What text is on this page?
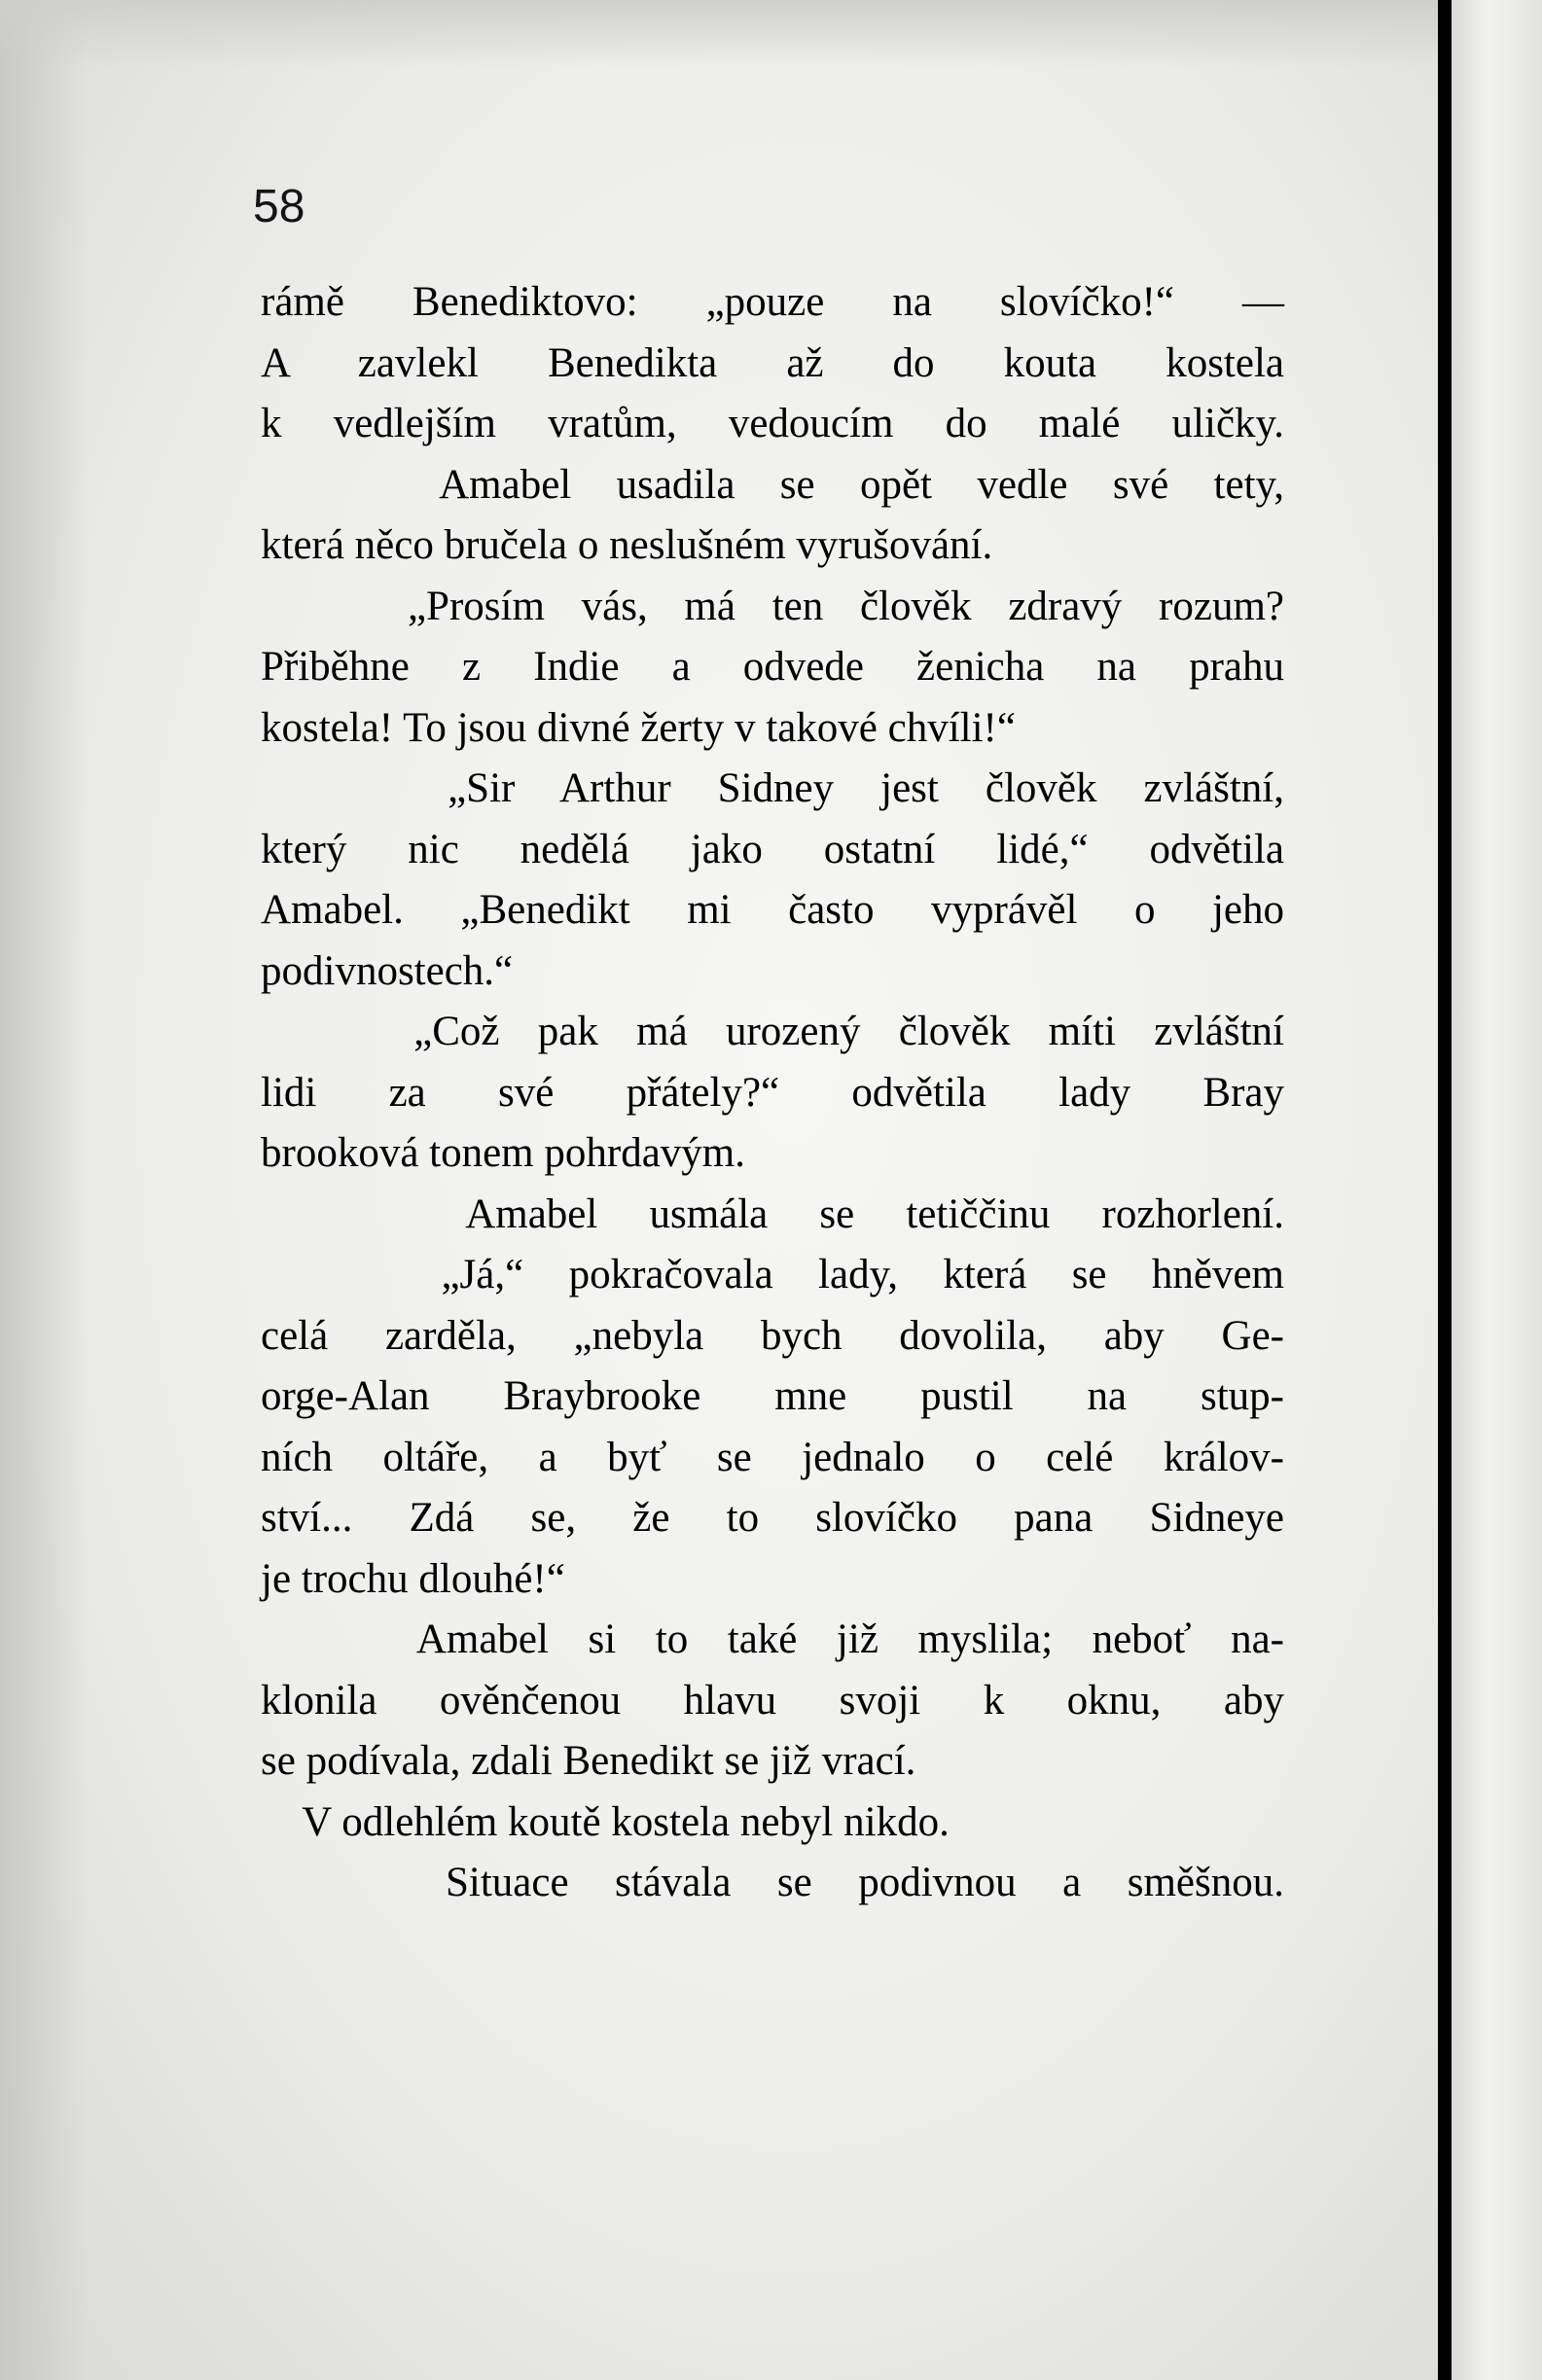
58
rámě Benediktovo: „pouze na slovíčko!“ —
A zavlekl Benedikta až do kouta kostela
k vedlejším vratům, vedoucím do malé uličky.
Amabel usadila se opět vedle své tety,
která něco bručela o neslušném vyrušování.
„Prosím vás, má ten člověk zdravý rozum?
Přiběhne z Indie a odvede ženicha na prahu
kostela! To jsou divné žerty v takové chvíli!“
„Sir Arthur Sidney jest člověk zvláštní,
který nic nedělá jako ostatní lidé,“ odvětila
Amabel. „Benedikt mi často vyprávěl o jeho
podivnostech.“
„Což pak má urozený člověk míti zvláštní
lidi za své přátely?“ odvětila lady Bray
brooková tonem pohrdavým.
Amabel usmála se tetiččinu rozhorlení.
„Já,“ pokračovala lady, která se hněvem
celá zarděla, „nebyla bych dovolila, aby Ge-
orge-Alan Braybrooke mne pustil na stup-
ních oltáře, a byť se jednalo o celé králov-
ství... Zdá se, že to slovíčko pana Sidneye
je trochu dlouhé!“
Amabel si to také již myslila; neboť na-
klonila ověnčenou hlavu svoji k oknu, aby
se podívala, zdali Benedikt se již vrací.
V odlehlém koutě kostela nebyl nikdo.
Situace stávala se podivnou a směšnou.
